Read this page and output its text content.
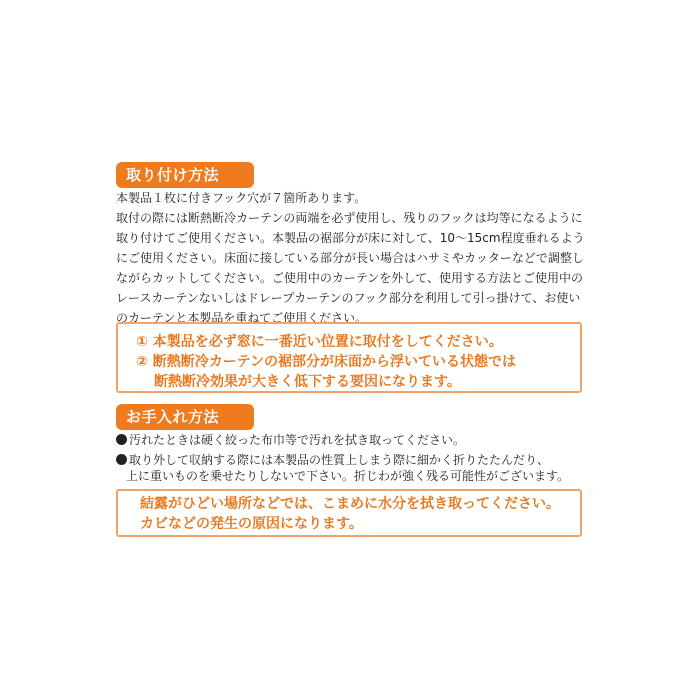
取り付け方法
本製品１枚に付きフック穴が７箇所あります。
取付の際には断熱断冷カーテンの両端を必ず使用し、残りのフックは均等になるように
取り付けてご使用ください。本製品の裾部分が床に対して、10～15cm程度垂れるよう
にご使用ください。床面に接している部分が長い場合はハサミやカッターなどで調整し
ながらカットしてください。ご使用中のカーテンを外して、使用する方法とご使用中の
レースカーテンないしはドレープカーテンのフック部分を利用して引っ掛けて、お使い
のカーテンと本製品を重ねてご使用ください。
① 本製品を必ず窓に一番近い位置に取付をしてください。
② 断熱断冷カーテンの裾部分が床面から浮いている状態では
断熱断冷効果が大きく低下する要因になります。
お手入れ方法
汚れたときは硬く絞った布巾等で汚れを拭き取ってください。
取り外して収納する際には本製品の性質上しまう際に細かく折りたたんだり、
上に重いものを乗せたりしないで下さい。折じわが強く残る可能性がございます。
結露がひどい場所などでは、こまめに水分を拭き取ってください。
カビなどの発生の原因になります。
